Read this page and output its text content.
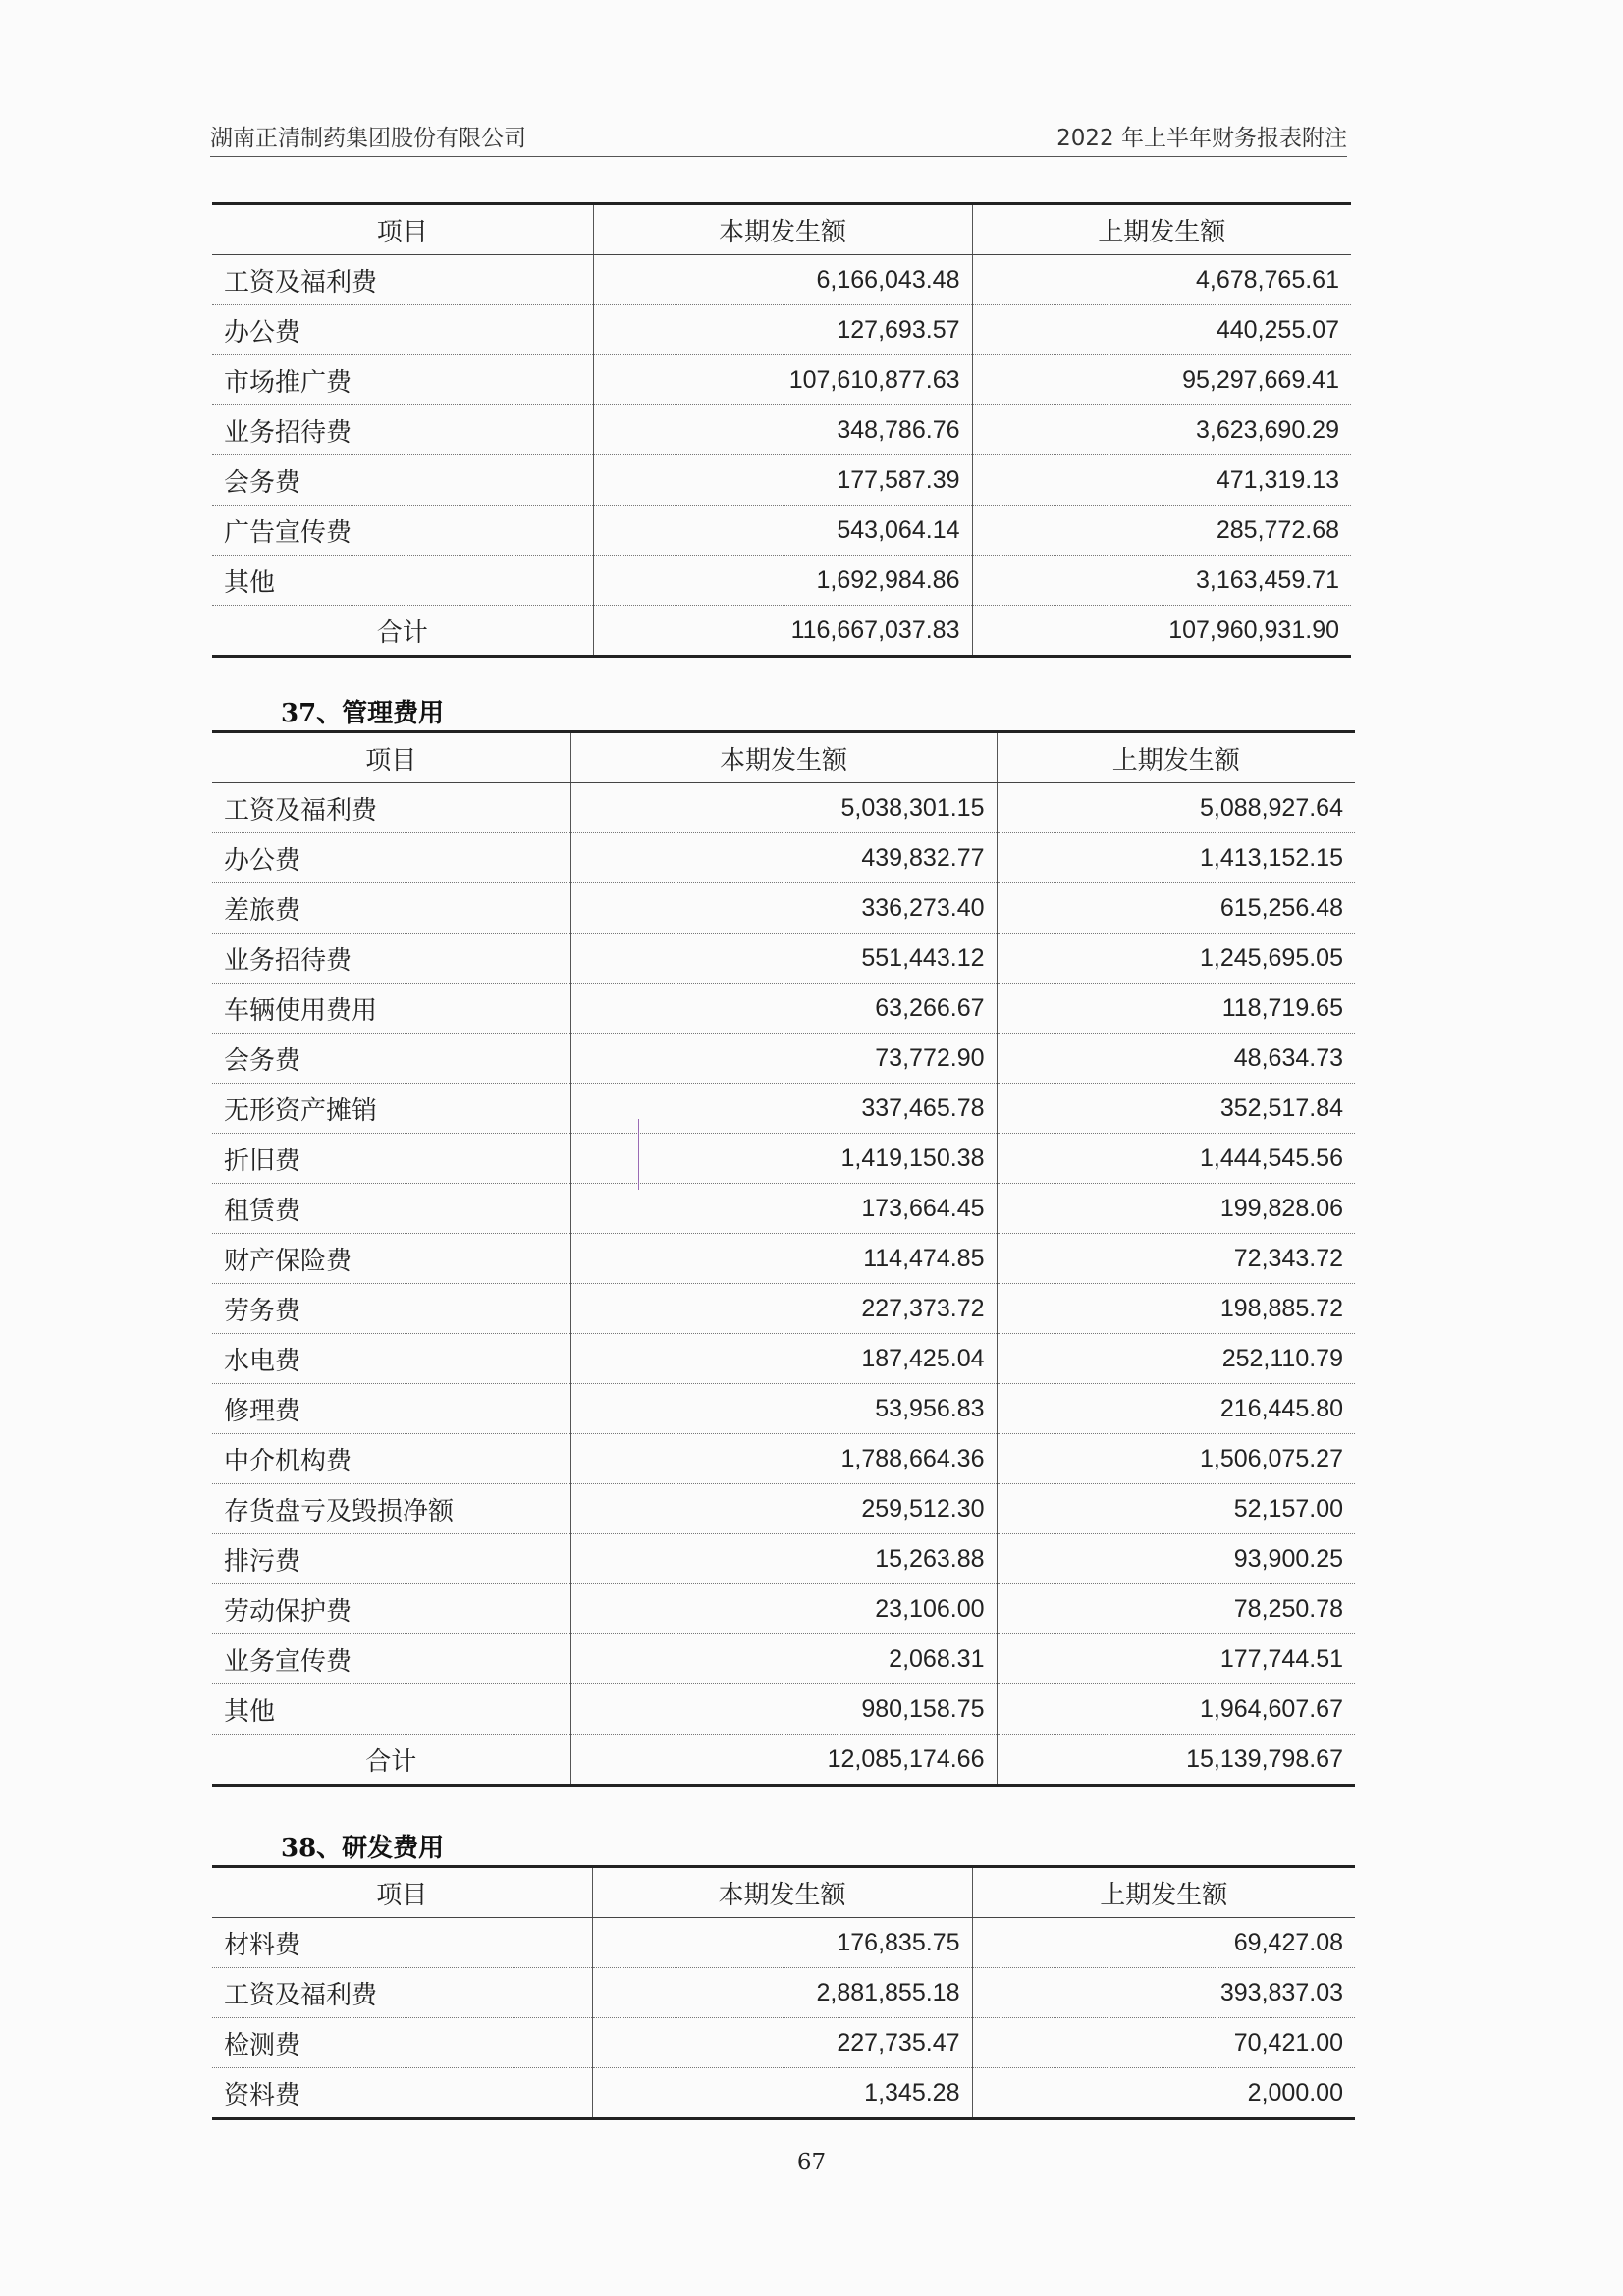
湖南正清制药集团股份有限公司	2022 年上半年财务报表附注
37、管理费用
38、研发费用
项目	本期发生额	上期发生额
工资及福利费	6,166,043.48	4,678,765.61
办公费	127,693.57	440,255.07
市场推广费	107,610,877.63	95,297,669.41
业务招待费	348,786.76	3,623,690.29
会务费	177,587.39	471,319.13
广告宣传费	543,064.14	285,772.68
其他	1,692,984.86	3,163,459.71
合计	116,667,037.83	107,960,931.90
项目	本期发生额	上期发生额
工资及福利费	5,038,301.15	5,088,927.64
办公费	439,832.77	1,413,152.15
差旅费	336,273.40	615,256.48
业务招待费	551,443.12	1,245,695.05
车辆使用费用	63,266.67	118,719.65
会务费	73,772.90	48,634.73
无形资产摊销	337,465.78	352,517.84
折旧费	1,419,150.38	1,444,545.56
租赁费	173,664.45	199,828.06
财产保险费	114,474.85	72,343.72
劳务费	227,373.72	198,885.72
水电费	187,425.04	252,110.79
修理费	53,956.83	216,445.80
中介机构费	1,788,664.36	1,506,075.27
存货盘亏及毁损净额	259,512.30	52,157.00
排污费	15,263.88	93,900.25
劳动保护费	23,106.00	78,250.78
业务宣传费	2,068.31	177,744.51
其他	980,158.75	1,964,607.67
合计	12,085,174.66	15,139,798.67
项目	本期发生额	上期发生额
材料费	176,835.75	69,427.08
工资及福利费	2,881,855.18	393,837.03
检测费	227,735.47	70,421.00
资料费	1,345.28	2,000.00
67
